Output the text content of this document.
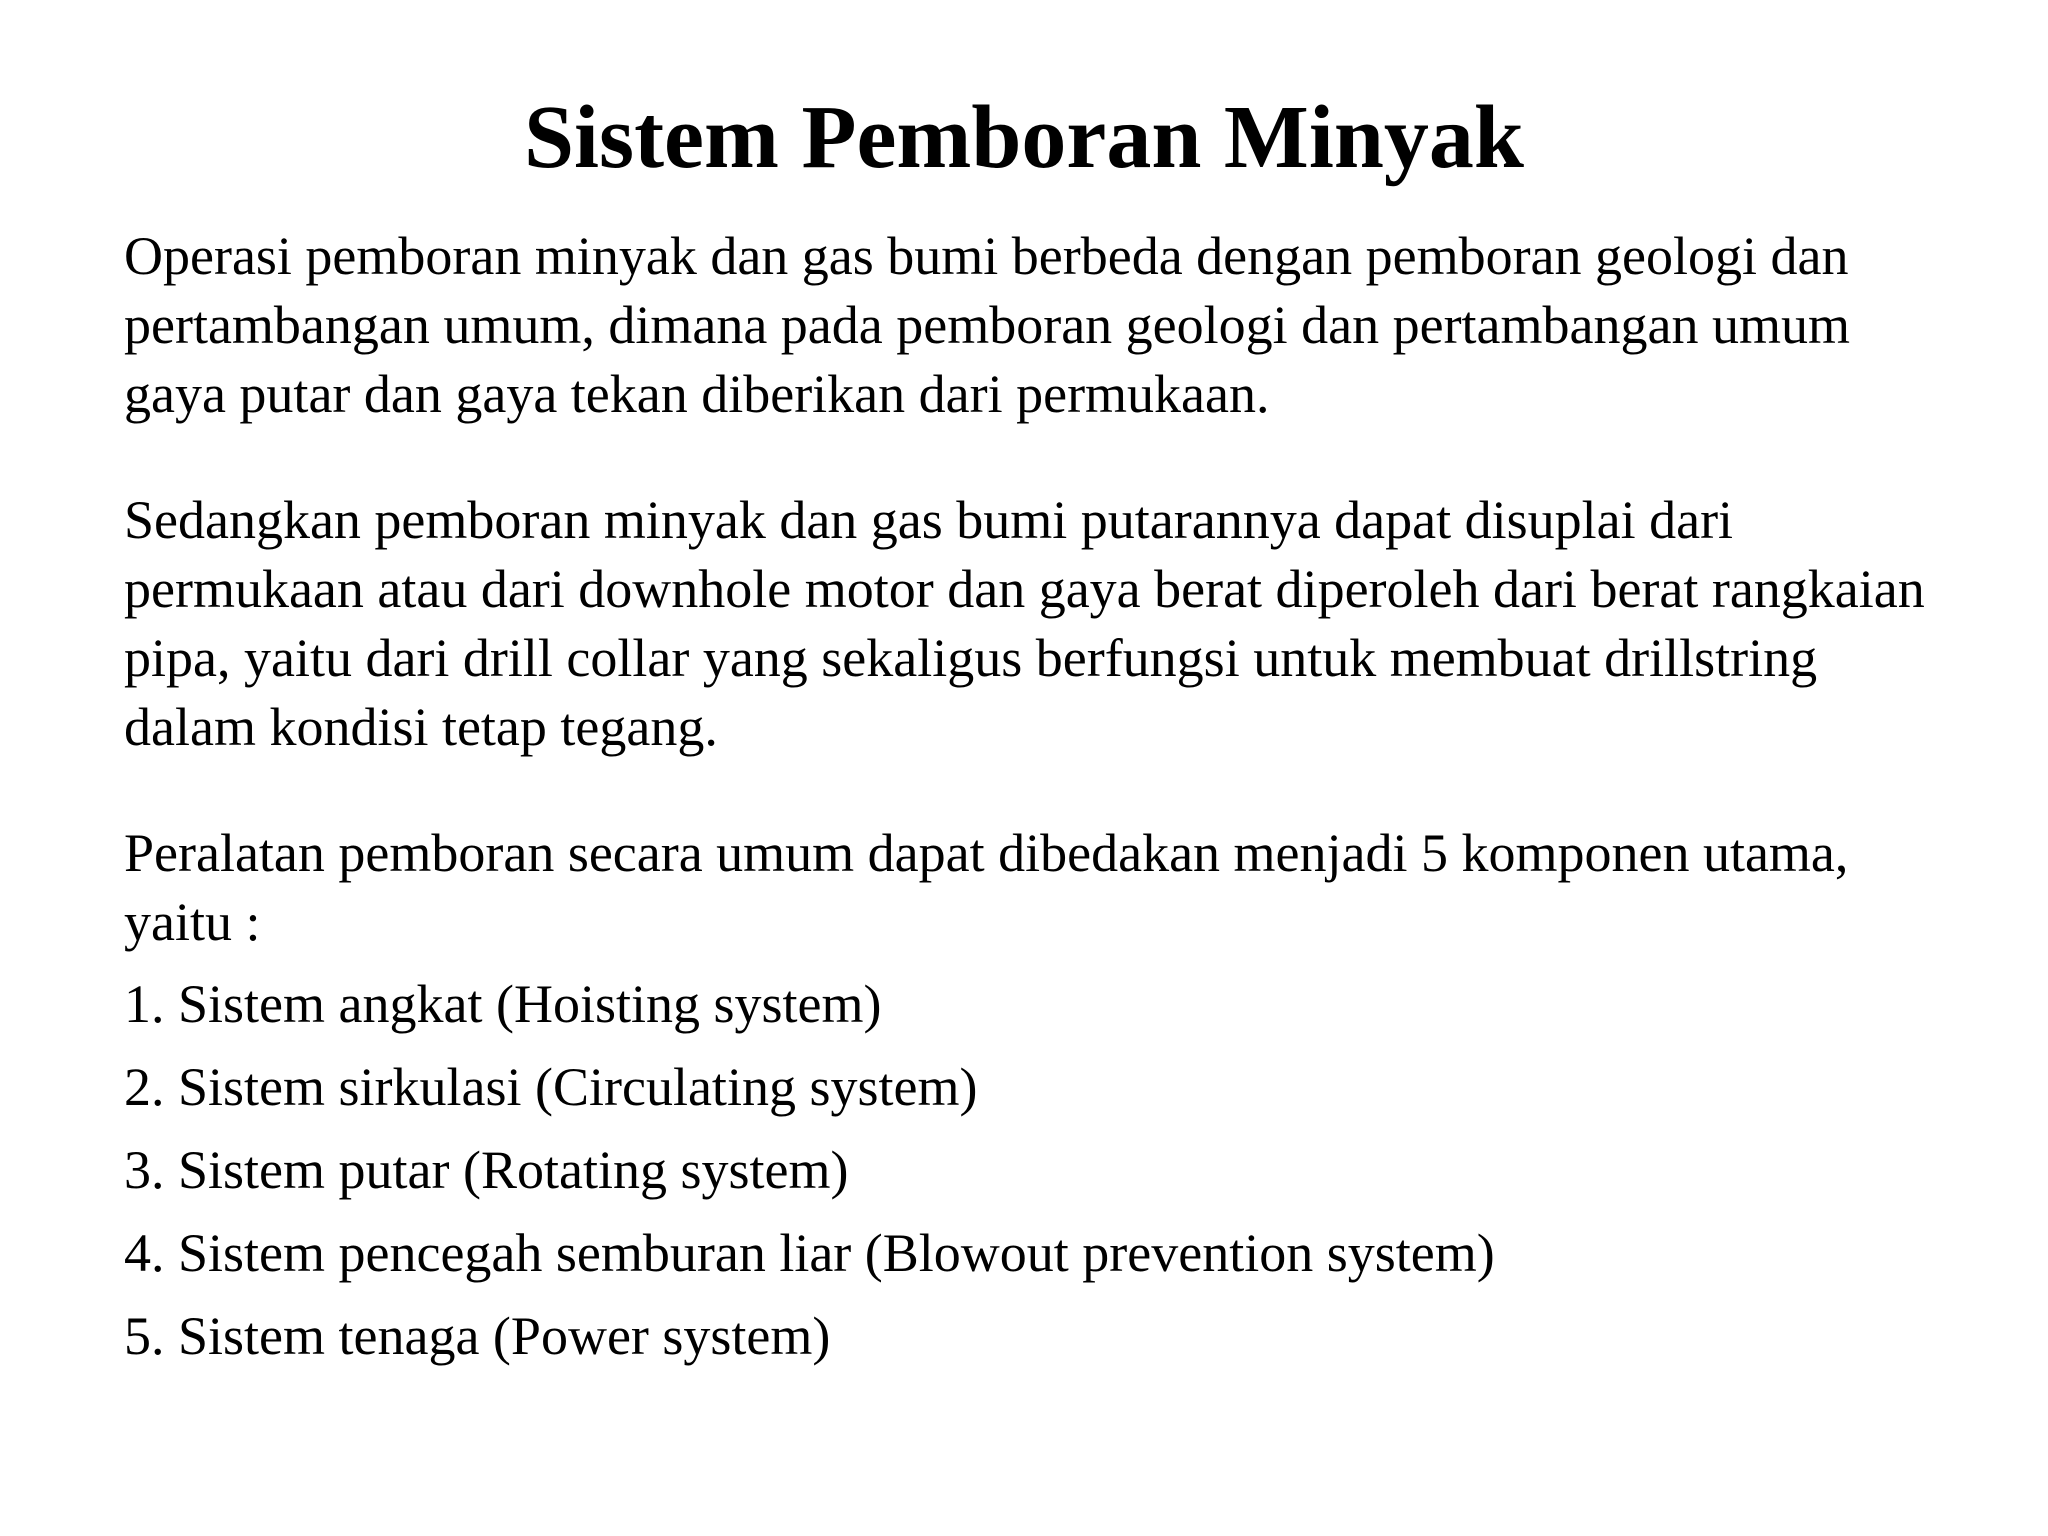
Sistem Pemboran Minyak

Operasi pemboran minyak dan gas bumi berbeda dengan pemboran geologi dan pertambangan umum, dimana pada pemboran geologi dan pertambangan umum gaya putar dan gaya tekan diberikan dari permukaan.

Sedangkan pemboran minyak dan gas bumi putarannya dapat disuplai dari permukaan atau dari downhole motor dan gaya berat diperoleh dari berat rangkaian pipa, yaitu dari drill collar yang sekaligus berfungsi untuk membuat drillstring dalam kondisi tetap tegang.

Peralatan pemboran secara umum dapat dibedakan menjadi 5 komponen utama, yaitu :

1. Sistem angkat (Hoisting system)
2. Sistem sirkulasi (Circulating system)
3. Sistem putar (Rotating system)
4. Sistem pencegah semburan liar (Blowout prevention system)
5. Sistem tenaga (Power system)
